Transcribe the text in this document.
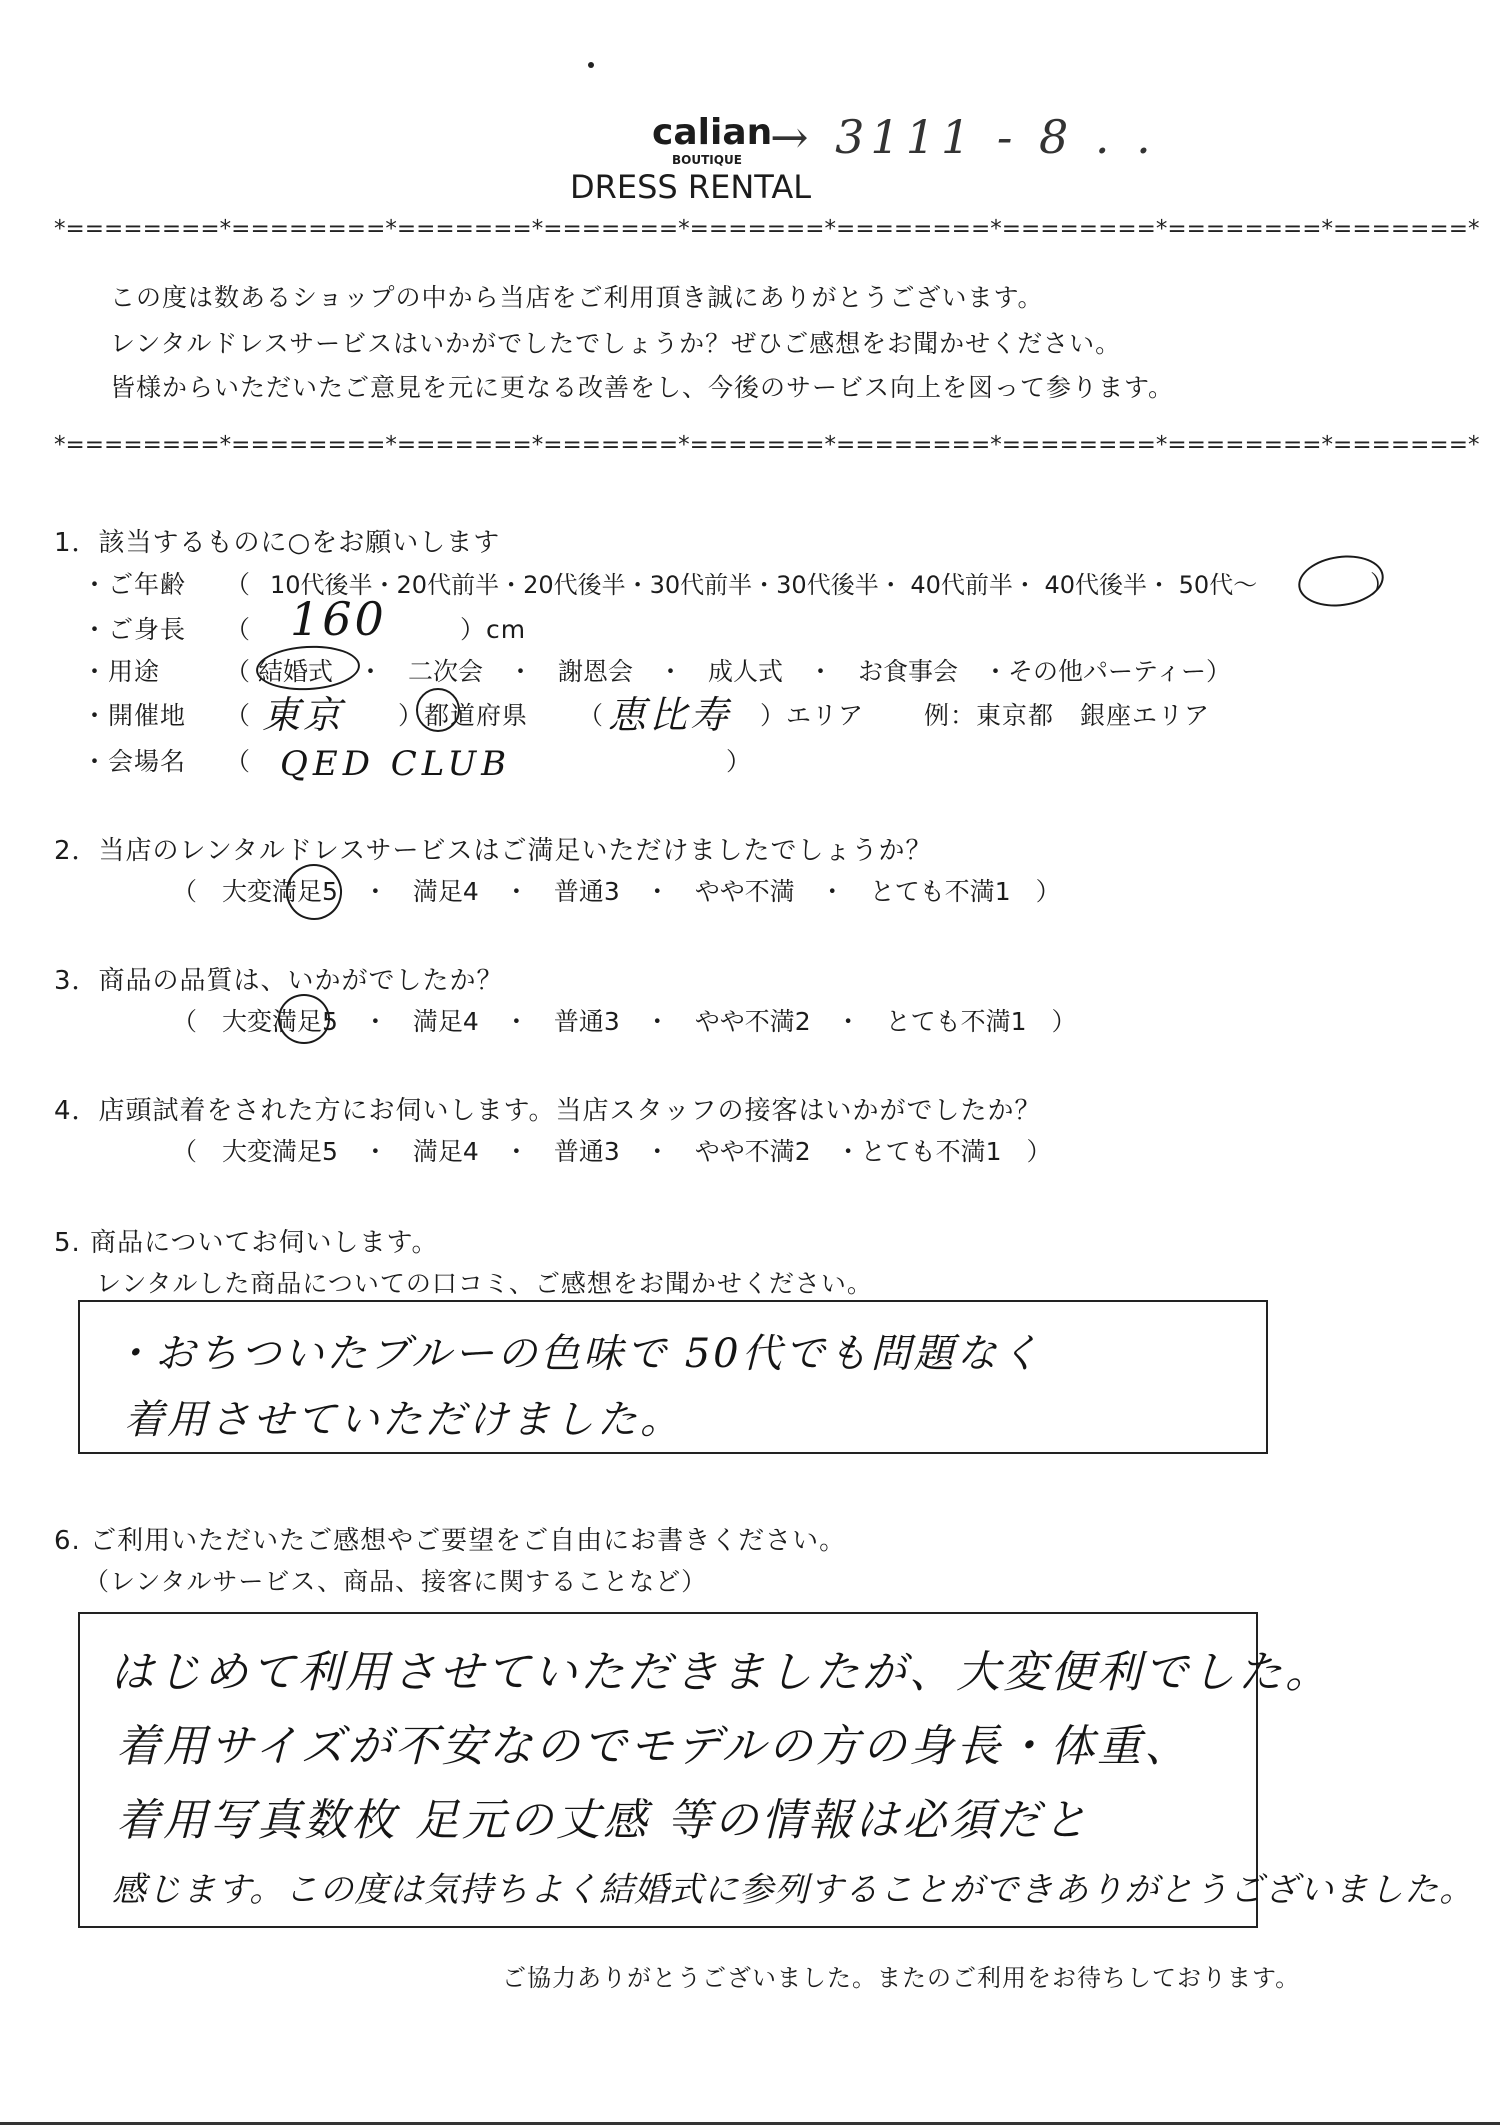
calian
BOUTIQUE
DRESS RENTAL
→ 3111 - 8 . .
*========*========*=======*=======*=======*========*========*========*=======*
この度は数あるショップの中から当店をご利用頂き誠にありがとうございます。
レンタルドレスサービスはいかがでしたでしょうか？ぜひご感想をお聞かせください。
皆様からいただいたご意見を元に更なる改善をし、今後のサービス向上を図って参ります。
*========*========*=======*=======*=======*========*========*========*=======*
1．該当するものに○をお願いします
・ご年齢 （ 10代後半・20代前半・20代後半・30代前半・30代後半・ 40代前半・ 40代後半・ 50代～	）
・ご身長 （ 160	）cm
・用途	（ 結婚式　・　二次会　・　謝恩会　・　成人式　・　お食事会　・その他パーティー）
・開催地 （ 東京 ）都道府県 （ 恵比寿 ）エリア 例：東京都　銀座エリア
・会場名 （ QED CLUB	）
2．当店のレンタルドレスサービスはご満足いただけましたでしょうか？
（　大変満足5　・　満足4　・　普通3　・　やや不満　・　とても不満1　）
3．商品の品質は、いかがでしたか？
（　大変満足5　・　満足4　・　普通3　・　やや不満2　・　とても不満1　）
4．店頭試着をされた方にお伺いします。当店スタッフの接客はいかがでしたか？
（　大変満足5　・　満足4　・　普通3　・　やや不満2　・とても不満1　）
5. 商品についてお伺いします。
レンタルした商品についての口コミ、ご感想をお聞かせください。
・おちついたブルーの色味で 50代でも問題なく
着用させていただけました。
6. ご利用いただいたご感想やご要望をご自由にお書きください。
（レンタルサービス、商品、接客に関することなど）
はじめて利用させていただきましたが、大変便利でした。
着用サイズが不安なのでモデルの方の身長・体重、
着用写真数枚 足元の丈感 等の情報は必須だと
感じます。この度は気持ちよく結婚式に参列することができありがとうございました。
ご協力ありがとうございました。またのご利用をお待ちしております。
